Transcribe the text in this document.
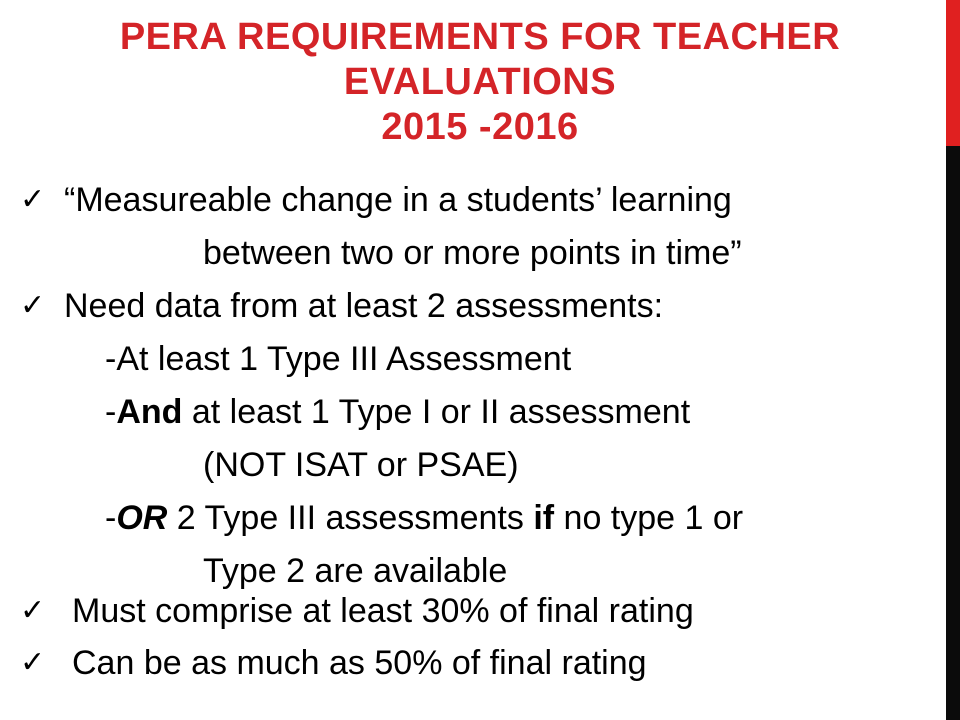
PERA REQUIREMENTS FOR TEACHER
EVALUATIONS
2015 -2016
✓ “Measureable change in a students’ learning
between two or more points in time”
✓ Need data from at least 2 assessments:
-At least 1 Type III Assessment
-And at least 1 Type I or II assessment
(NOT ISAT or PSAE)
-OR 2 Type III assessments if no type 1 or
Type 2 are available
✓ Must comprise at least 30% of final rating
✓ Can be as much as 50% of final rating
